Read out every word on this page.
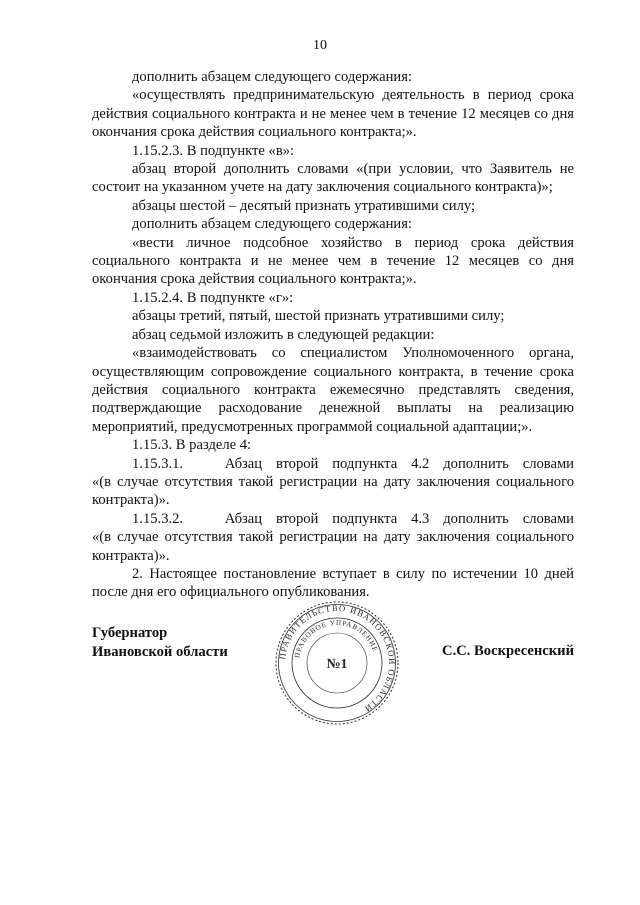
10

дополнить абзацем следующего содержания:

«осуществлять предпринимательскую деятельность в период срока действия социального контракта и не менее чем в течение 12 месяцев со дня окончания срока действия социального контракта;».

1.15.2.3. В подпункте «в»:

абзац второй дополнить словами «(при условии, что Заявитель не состоит на указанном учете на дату заключения социального контракта)»;

абзацы шестой – десятый признать утратившими силу;

дополнить абзацем следующего содержания:

«вести личное подсобное хозяйство в период срока действия социального контракта и не менее чем в течение 12 месяцев со дня окончания срока действия социального контракта;».

1.15.2.4. В подпункте «г»:

абзацы третий, пятый, шестой признать утратившими силу;

абзац седьмой изложить в следующей редакции:

«взаимодействовать со специалистом Уполномоченного органа, осуществляющим сопровождение социального контракта, в течение срока действия социального контракта ежемесячно представлять сведения, подтверждающие расходование денежной выплаты на реализацию мероприятий, предусмотренных программой социальной адаптации;».

1.15.3. В разделе 4:

1.15.3.1.   Абзац второй подпункта 4.2 дополнить словами

«(в случае отсутствия такой регистрации на дату заключения социального

контракта)».

1.15.3.2.   Абзац второй подпункта 4.3 дополнить словами

«(в случае отсутствия такой регистрации на дату заключения социального

контракта)».

2. Настоящее постановление вступает в силу по истечении 10 дней после дня его официального опубликования.

Губернатор
Ивановской области	ПРАВИТЕЛЬСТВО ИВАНОВСКОЙ ОБЛАСТИ
ПРАВОВОЕ УПРАВЛЕНИЕ
№1
С.С. Воскресенский
